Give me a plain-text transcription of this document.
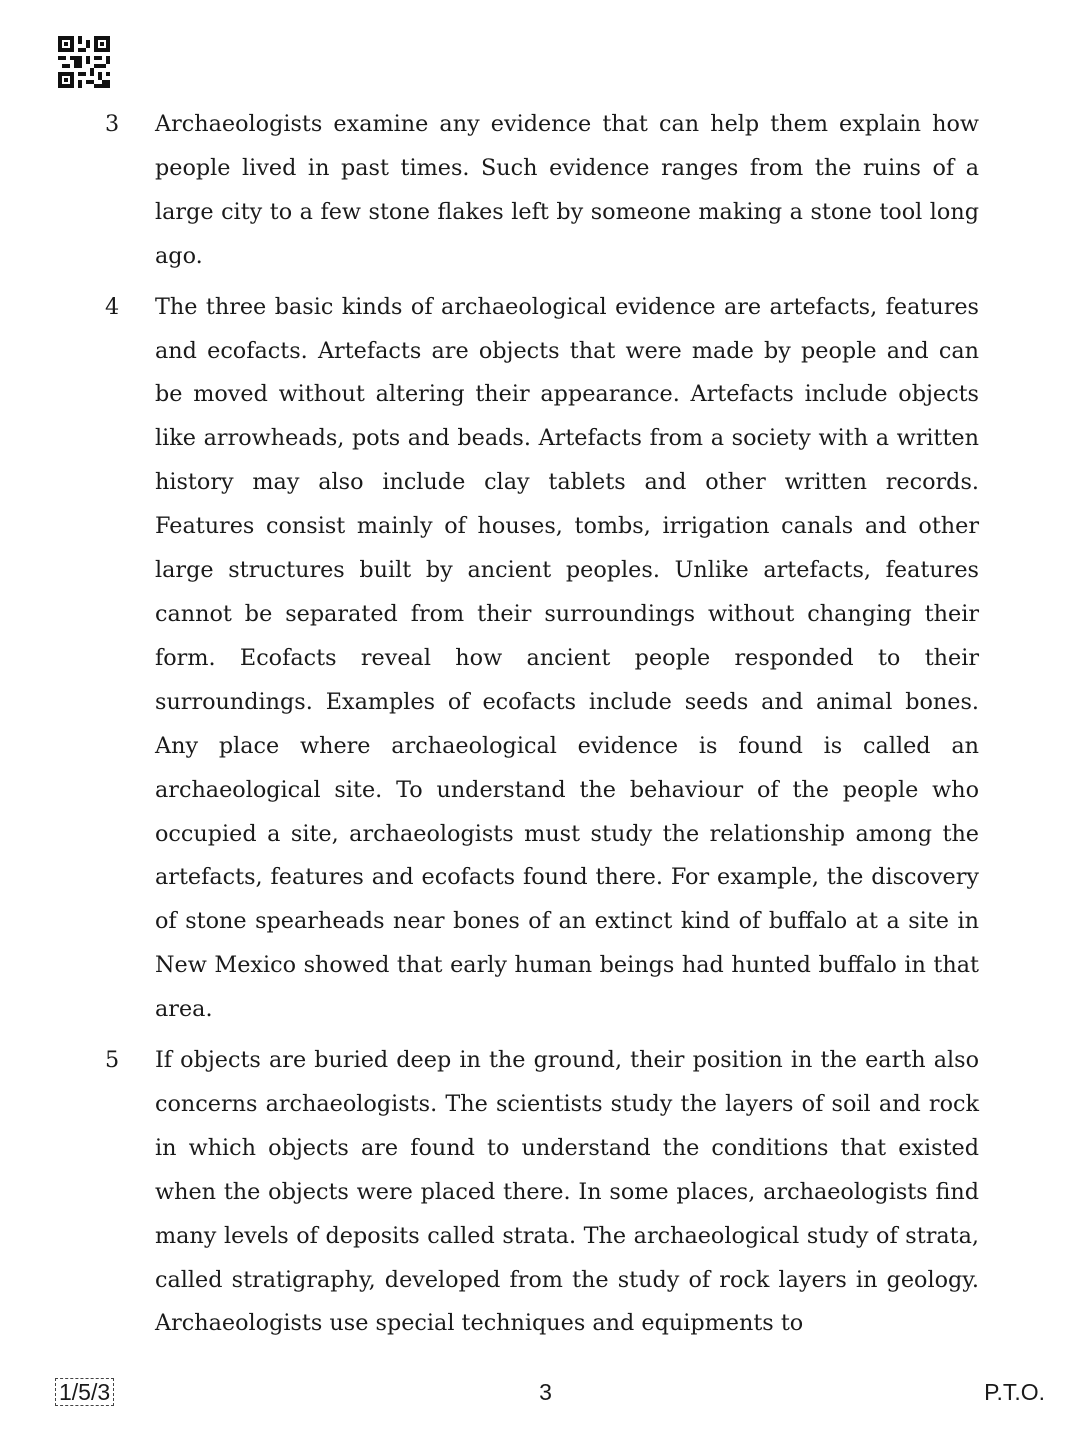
3 Archaeologists examine any evidence that can help them explain how people lived in past times. Such evidence ranges from the ruins of a large city to a few stone flakes left by someone making a stone tool long ago.
4 The three basic kinds of archaeological evidence are artefacts, features and ecofacts. Artefacts are objects that were made by people and can be moved without altering their appearance. Artefacts include objects like arrowheads, pots and beads. Artefacts from a society with a written history may also include clay tablets and other written records. Features consist mainly of houses, tombs, irrigation canals and other large structures built by ancient peoples. Unlike artefacts, features cannot be separated from their surroundings without changing their form. Ecofacts reveal how ancient people responded to their surroundings. Examples of ecofacts include seeds and animal bones. Any place where archaeological evidence is found is called an archaeological site. To understand the behaviour of the people who occupied a site, archaeologists must study the relationship among the artefacts, features and ecofacts found there. For example, the discovery of stone spearheads near bones of an extinct kind of buffalo at a site in New Mexico showed that early human beings had hunted buffalo in that area.
5 If objects are buried deep in the ground, their position in the earth also concerns archaeologists. The scientists study the layers of soil and rock in which objects are found to understand the conditions that existed when the objects were placed there. In some places, archaeologists find many levels of deposits called strata. The archaeological study of strata, called stratigraphy, developed from the study of rock layers in geology. Archaeologists use special techniques and equipments to
1/5/3	3	P.T.O.
